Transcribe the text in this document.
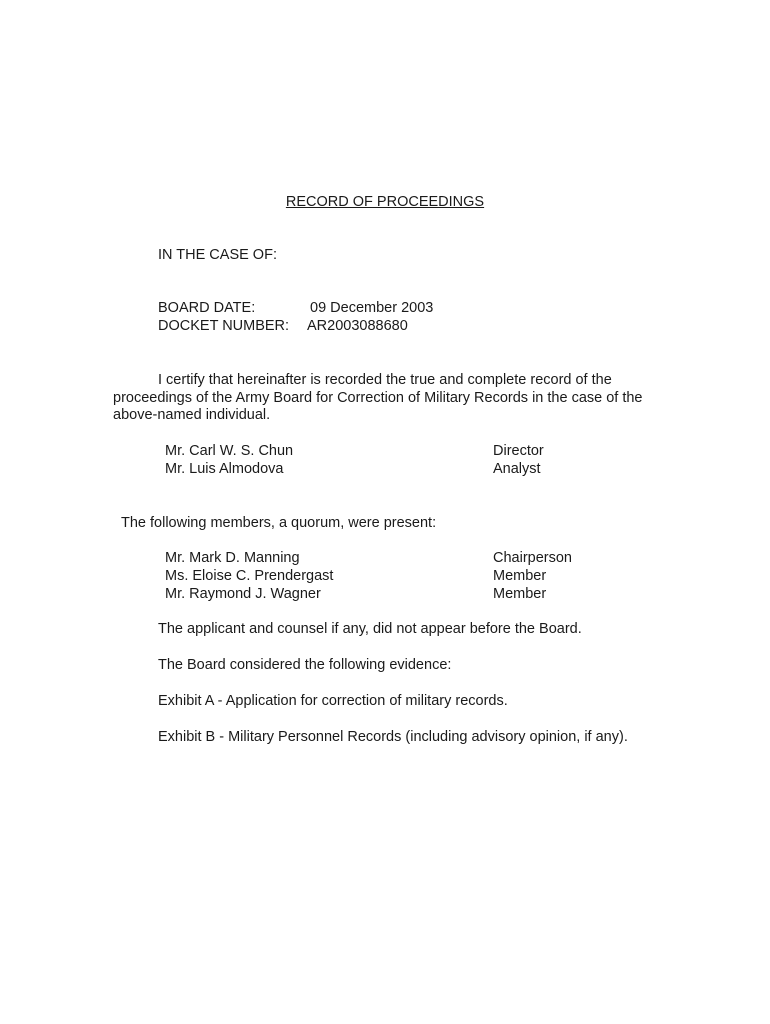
RECORD OF PROCEEDINGS
IN THE CASE OF:
BOARD DATE:	09 December 2003
DOCKET NUMBER: AR2003088680
I certify that hereinafter is recorded the true and complete record of the proceedings of the Army Board for Correction of Military Records in the case of the above-named individual.
Mr. Carl W. S. Chun	Director
Mr. Luis Almodova	Analyst
The following members, a quorum, were present:
Mr. Mark D. Manning	Chairperson
Ms. Eloise C. Prendergast	Member
Mr. Raymond J. Wagner	Member
The applicant and counsel if any, did not appear before the Board.
The Board considered the following evidence:
Exhibit A - Application for correction of military records.
Exhibit B - Military Personnel Records (including advisory opinion, if any).
